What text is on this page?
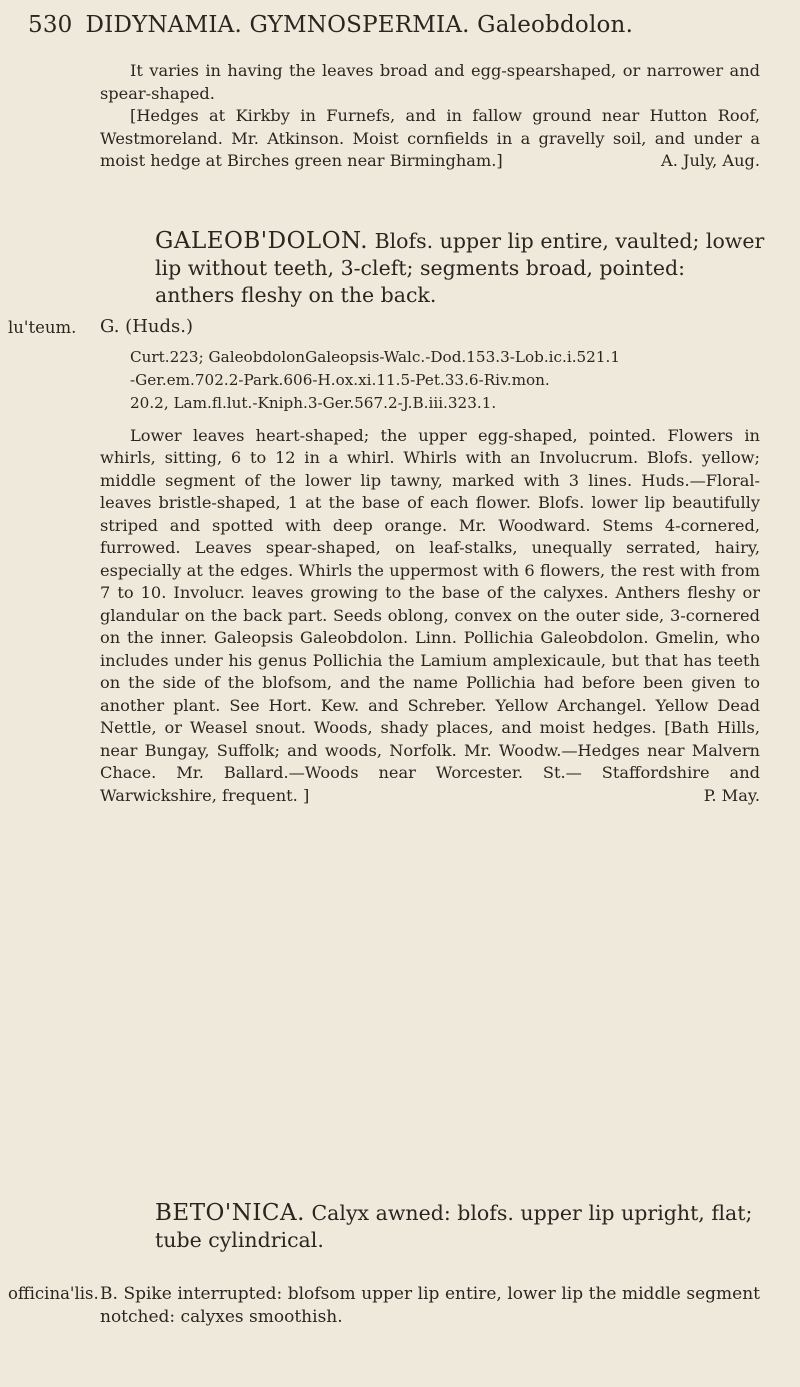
530 DIDYNAMIA. GYMNOSPERMIA. Galeobdolon.
It varies in having the leaves broad and egg-spearshaped, or narrower and spear-shaped.
[Hedges at Kirkby in Furnefs, and in fallow ground near Hutton Roof, Westmoreland. Mr. Atkinson. Moist cornfields in a gravelly soil, and under a moist hedge at Birches green near Birmingham.]	A. July, Aug.
GALEOB'DOLON. Blofs. upper lip entire, vaulted; lower lip without teeth, 3-cleft; segments broad, pointed: anthers fleshy on the back.
lu'teum. G. (Huds.)
Curt.223; GaleobdolonGaleopsis-Walc.-Dod.153.3-Lob.ic.i.521.1
-Ger.em.702.2-Park.606-H.ox.xi.11.5-Pet.33.6-Riv.mon.
20.2, Lam.fl.lut.-Kniph.3-Ger.567.2-J.B.iii.323.1.
Lower leaves heart-shaped; the upper egg-shaped, pointed. Flowers in whirls, sitting, 6 to 12 in a whirl. Whirls with an Involucrum. Blofs. yellow; middle segment of the lower lip tawny, marked with 3 lines. Huds.—Floral-leaves bristle-shaped, 1 at the base of each flower. Blofs. lower lip beautifully striped and spotted with deep orange. Mr. Woodward. Stems 4-cornered, furrowed. Leaves spear-shaped, on leaf-stalks, unequally serrated, hairy, especially at the edges. Whirls the uppermost with 6 flowers, the rest with from 7 to 10. Involucr. leaves growing to the base of the calyxes. Anthers fleshy or glandular on the back part. Seeds oblong, convex on the outer side, 3-cornered on the inner. Galeopsis Galeobdolon. Linn. Pollichia Galeobdolon. Gmelin, who includes under his genus Pollichia the Lamium amplexicaule, but that has teeth on the side of the blofsom, and the name Pollichia had before been given to another plant. See Hort. Kew. and Schreber. Yellow Archangel. Yellow Dead Nettle, or Weasel snout. Woods, shady places, and moist hedges. [Bath Hills, near Bungay, Suffolk; and woods, Norfolk. Mr. Woodw.—Hedges near Malvern Chace. Mr. Ballard.—Woods near Worcester. St.— Staffordshire and Warwickshire, frequent. ]	P. May.
BETO'NICA. Calyx awned: blofs. upper lip upright, flat; tube cylindrical.
officina'lis. B. Spike interrupted: blofsom upper lip entire, lower lip the middle segment notched: calyxes smoothish.
